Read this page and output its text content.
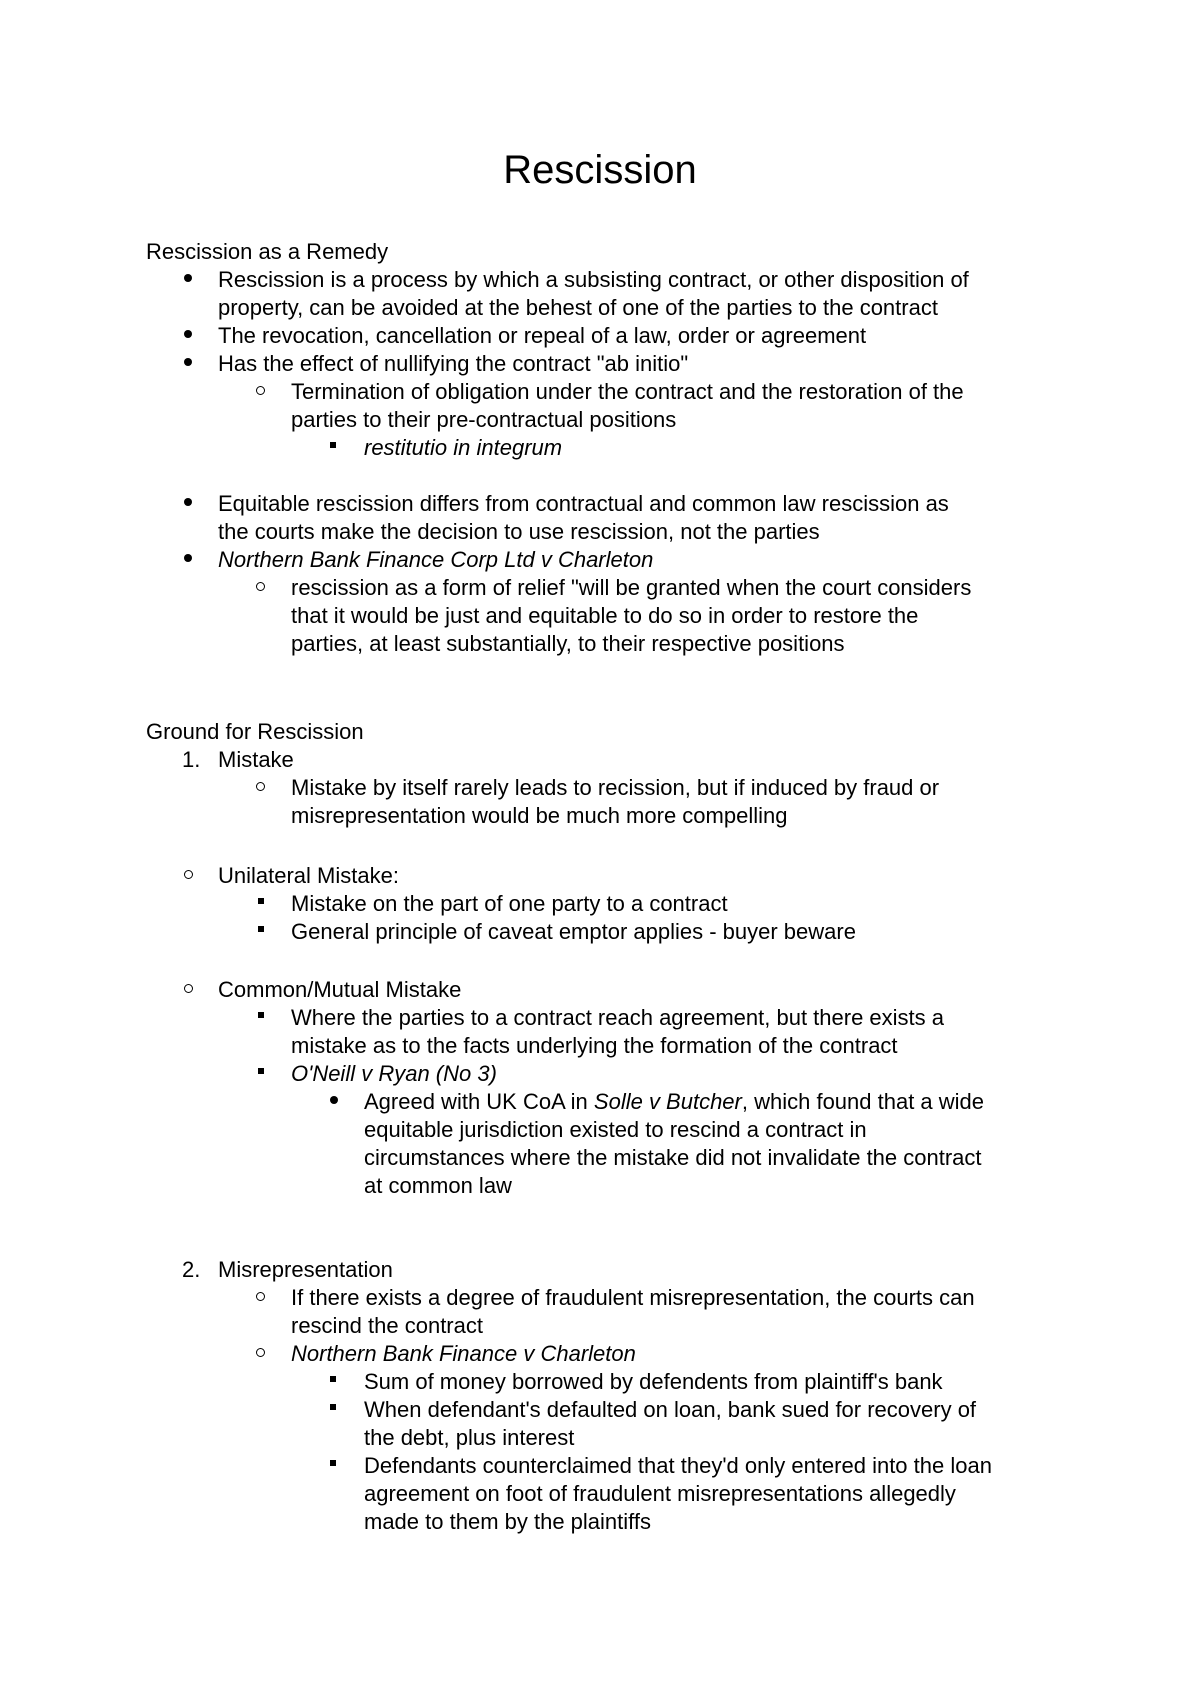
Rescission

Rescission as a Remedy

Rescission is a process by which a subsisting contract, or other disposition of

property, can be avoided at the behest of one of the parties to the contract

The revocation, cancellation or repeal of a law, order or agreement

Has the effect of nullifying the contract "ab initio"

Termination of obligation under the contract and the restoration of the

parties to their pre-contractual positions

restitutio in integrum

Equitable rescission differs from contractual and common law rescission as

the courts make the decision to use rescission, not the parties

Northern Bank Finance Corp Ltd v Charleton

rescission as a form of relief "will be granted when the court considers

that it would be just and equitable to do so in order to restore the

parties, at least substantially, to their respective positions

Ground for Rescission

1. Mistake

Mistake by itself rarely leads to recission, but if induced by fraud or

misrepresentation would be much more compelling

Unilateral Mistake:

Mistake on the part of one party to a contract

General principle of caveat emptor applies - buyer beware

Common/Mutual Mistake

Where the parties to a contract reach agreement, but there exists a

mistake as to the facts underlying the formation of the contract

O'Neill v Ryan (No 3)

Agreed with UK CoA in Solle v Butcher, which found that a wide

equitable jurisdiction existed to rescind a contract in

circumstances where the mistake did not invalidate the contract

at common law

2. Misrepresentation

If there exists a degree of fraudulent misrepresentation, the courts can

rescind the contract

Northern Bank Finance v Charleton

Sum of money borrowed by defendents from plaintiff's bank

When defendant's defaulted on loan, bank sued for recovery of

the debt, plus interest

Defendants counterclaimed that they'd only entered into the loan

agreement on foot of fraudulent misrepresentations allegedly

made to them by the plaintiffs
